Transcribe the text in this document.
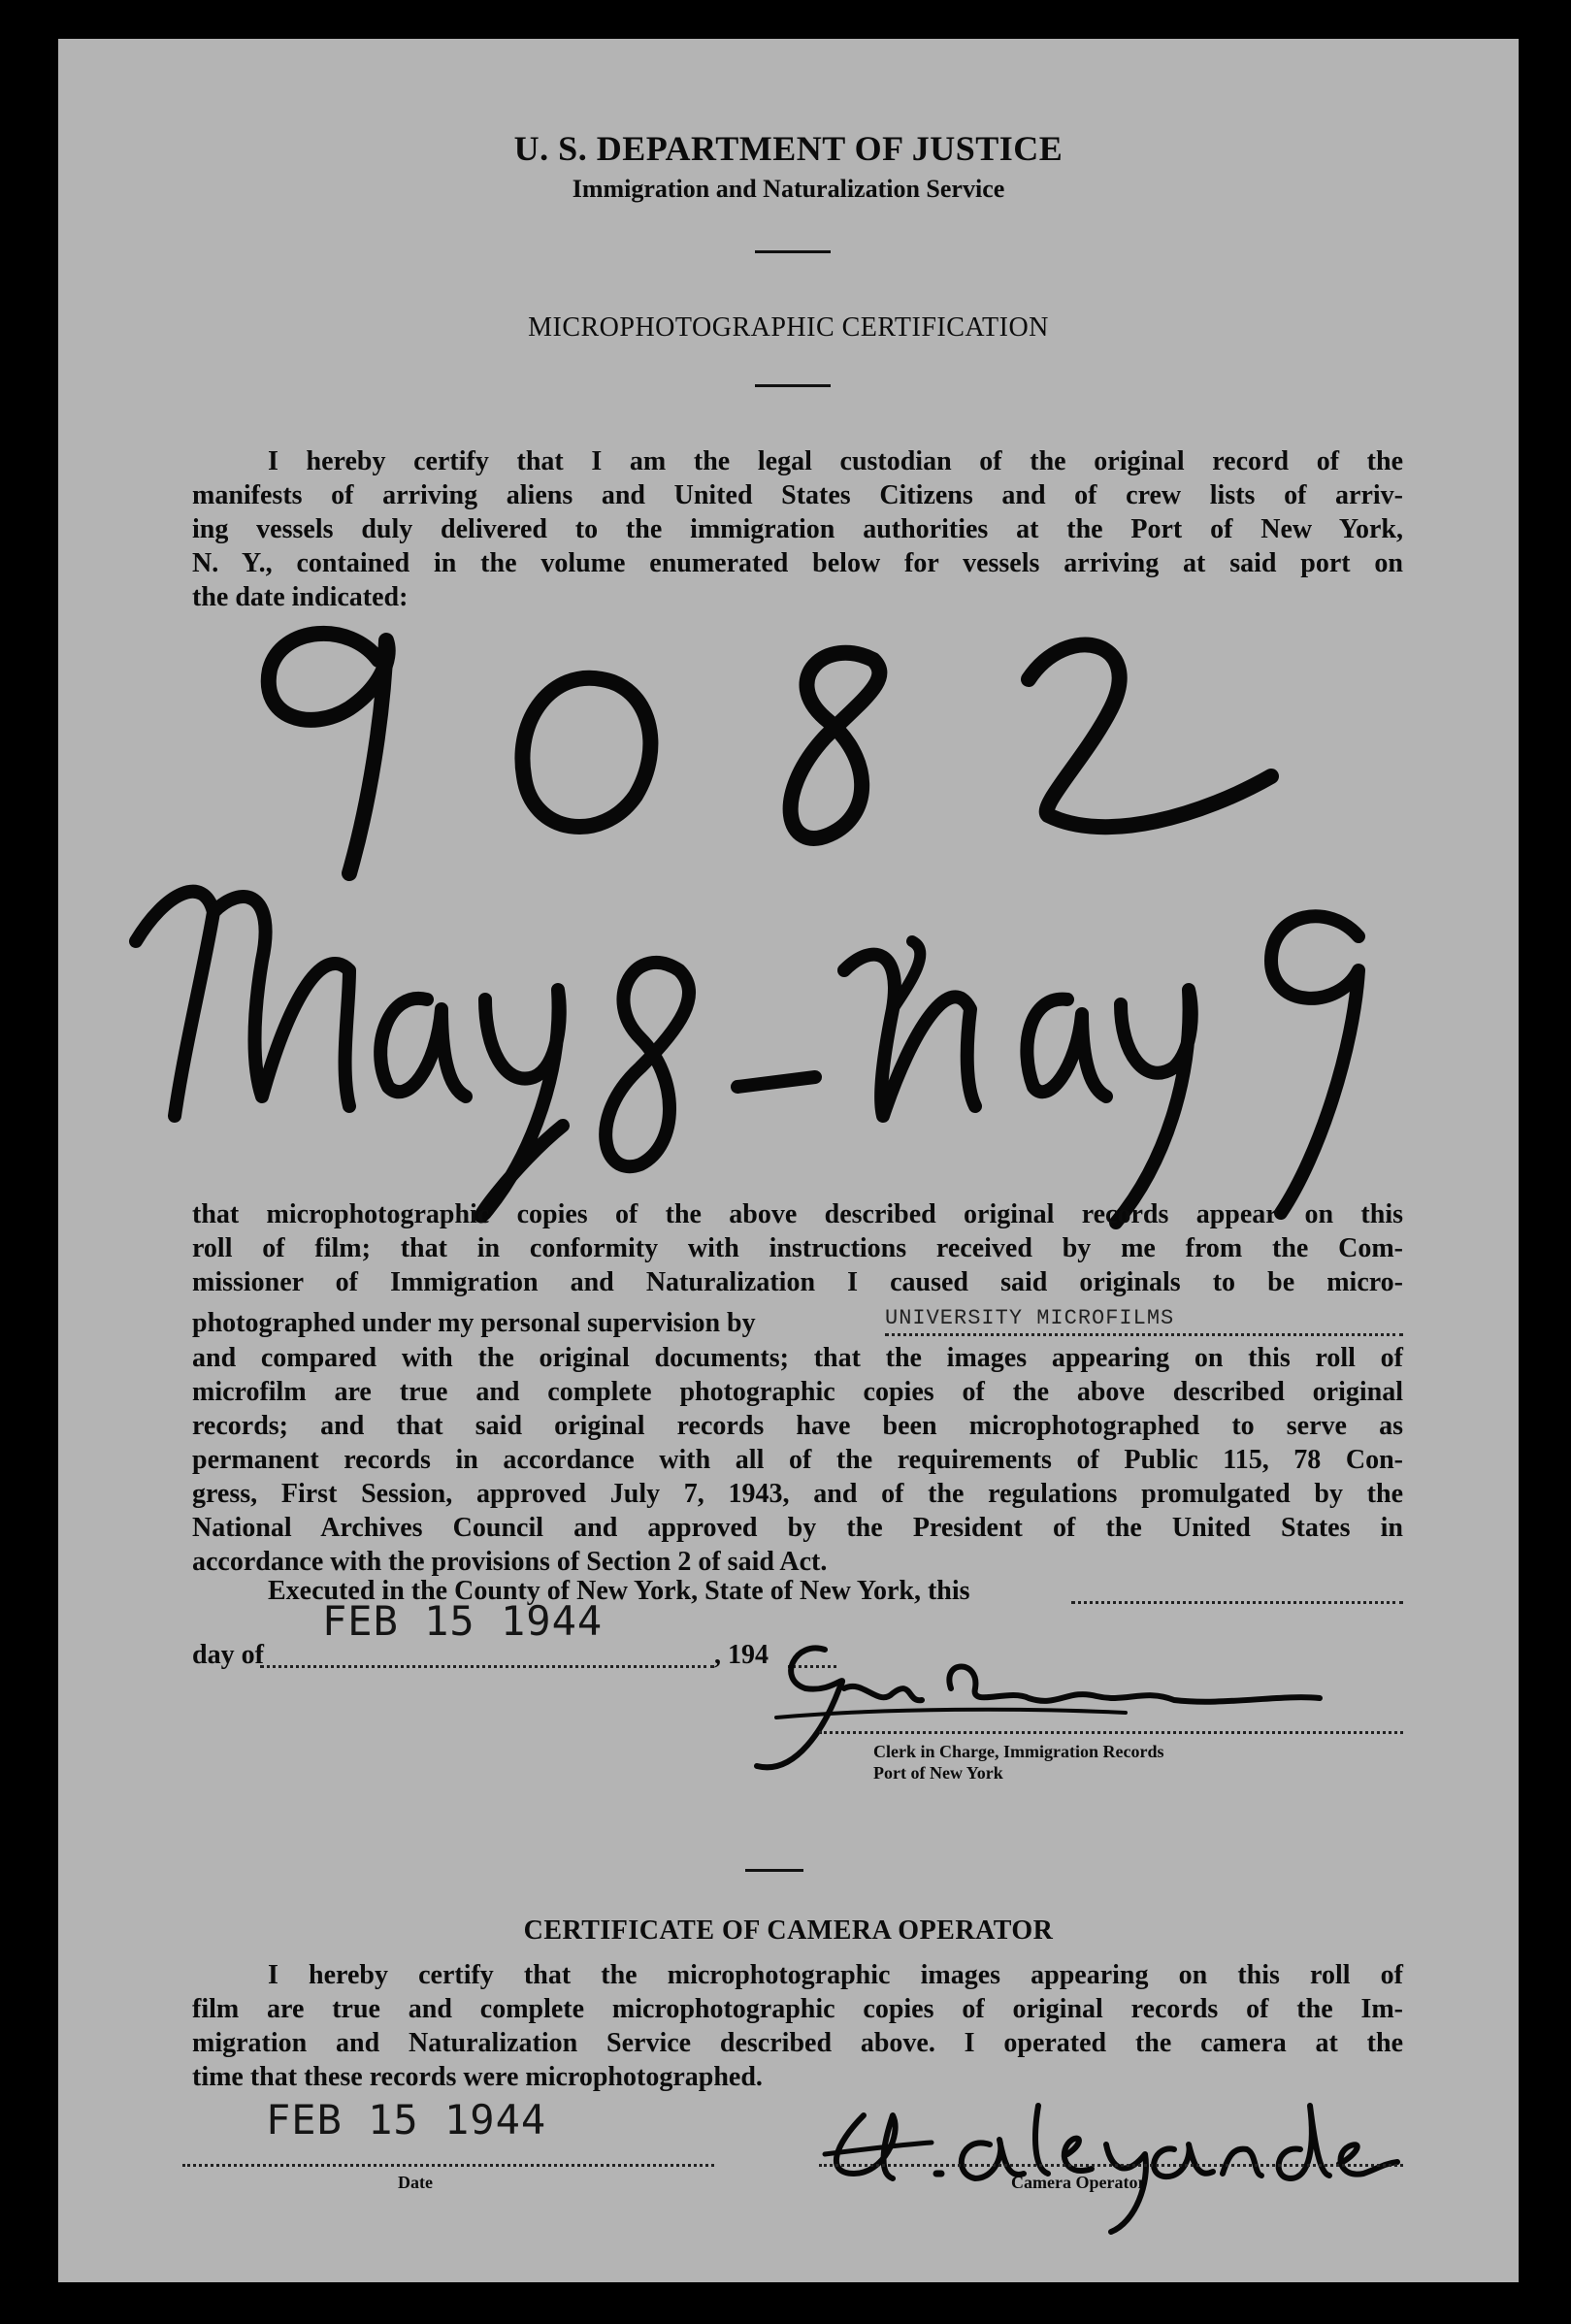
U. S. DEPARTMENT OF JUSTICE
Immigration and Naturalization Service
MICROPHOTOGRAPHIC CERTIFICATION
I hereby certify that I am the legal custodian of the original record of the
manifests of arriving aliens and United States Citizens and of crew lists of arriv-
ing vessels duly delivered to the immigration authorities at the Port of New York,
N. Y., contained in the volume enumerated below for vessels arriving at said port on
the date indicated:
that microphotographic copies of the above described original records appear on this
roll of film; that in conformity with instructions received by me from the Com-
missioner of Immigration and Naturalization I caused said originals to be micro-
photographed under my personal supervision by	UNIVERSITY MICROFILMS
and compared with the original documents; that the images appearing on this roll of
microfilm are true and complete photographic copies of the above described original
records; and that said original records have been microphotographed to serve as
permanent records in accordance with all of the requirements of Public 115, 78 Con-
gress, First Session, approved July 7, 1943, and of the regulations promulgated by the
National Archives Council and approved by the President of the United States in
accordance with the provisions of Section 2 of said Act.
Executed in the County of New York, State of New York, this
FEB 15 1944
day of	, 194
Clerk in Charge, Immigration Records
Port of New York
CERTIFICATE OF CAMERA OPERATOR
I hereby certify that the microphotographic images appearing on this roll of
film are true and complete microphotographic copies of original records of the Im-
migration and Naturalization Service described above. I operated the camera at the
time that these records were microphotographed.
FEB 15 1944
Date	Camera Operator
